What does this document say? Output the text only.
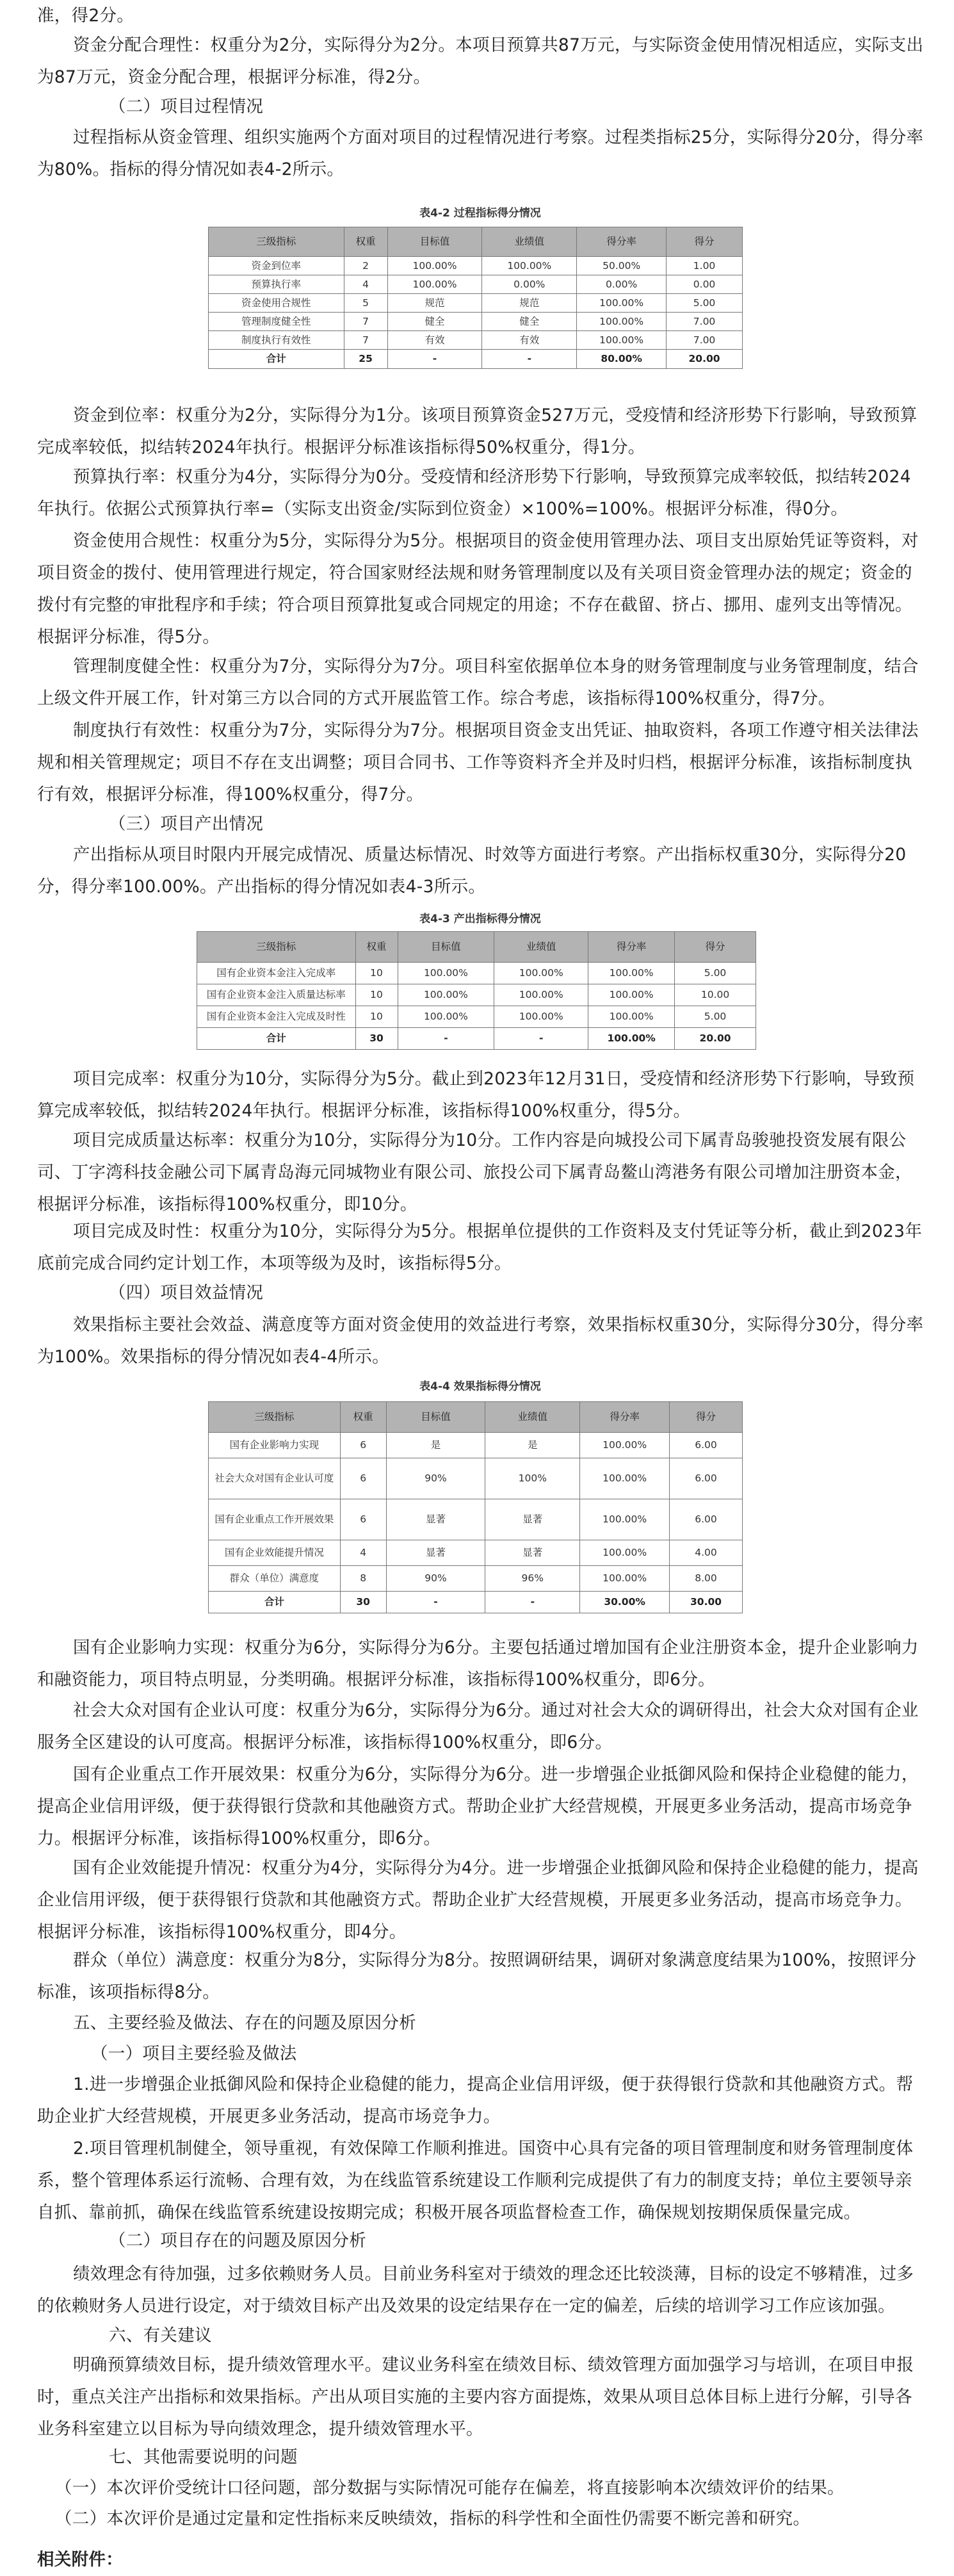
准，得2分。

资金分配合理性：权重分为2分，实际得分为2分。本项目预算共87万元，与实际资金使用情况相适应，实际支出为87万元，资金分配合理，根据评分标准，得2分。

（二）项目过程情况

过程指标从资金管理、组织实施两个方面对项目的过程情况进行考察。过程类指标25分，实际得分20分，得分率为80%。指标的得分情况如表4-2所示。

表4-2 过程指标得分情况

三级指标	权重	目标值	业绩值	得分率	得分
资金到位率	2	100.00%	100.00%	50.00%	1.00
预算执行率	4	100.00%	0.00%	0.00%	0.00
资金使用合规性	5	规范	规范	100.00%	5.00
管理制度健全性	7	健全	健全	100.00%	7.00
制度执行有效性	7	有效	有效	100.00%	7.00
合计	25	-	-	80.00%	20.00

资金到位率：权重分为2分，实际得分为1分。该项目预算资金527万元，受疫情和经济形势下行影响，导致预算完成率较低，拟结转2024年执行。根据评分标准该指标得50%权重分，得1分。

预算执行率：权重分为4分，实际得分为0分。受疫情和经济形势下行影响，导致预算完成率较低，拟结转2024年执行。依据公式预算执行率=（实际支出资金/实际到位资金）×100%=100%。根据评分标准，得0分。

资金使用合规性：权重分为5分，实际得分为5分。根据项目的资金使用管理办法、项目支出原始凭证等资料，对项目资金的拨付、使用管理进行规定，符合国家财经法规和财务管理制度以及有关项目资金管理办法的规定；资金的拨付有完整的审批程序和手续；符合项目预算批复或合同规定的用途；不存在截留、挤占、挪用、虚列支出等情况。根据评分标准，得5分。

管理制度健全性：权重分为7分，实际得分为7分。项目科室依据单位本身的财务管理制度与业务管理制度，结合上级文件开展工作，针对第三方以合同的方式开展监管工作。综合考虑，该指标得100%权重分，得7分。

制度执行有效性：权重分为7分，实际得分为7分。根据项目资金支出凭证、抽取资料，各项工作遵守相关法律法规和相关管理规定；项目不存在支出调整；项目合同书、工作等资料齐全并及时归档，根据评分标准，该指标制度执行有效，根据评分标准，得100%权重分，得7分。

（三）项目产出情况

产出指标从项目时限内开展完成情况、质量达标情况、时效等方面进行考察。产出指标权重30分，实际得分20分，得分率100.00%。产出指标的得分情况如表4-3所示。

表4-3 产出指标得分情况

三级指标	权重	目标值	业绩值	得分率	得分
国有企业资本金注入完成率	10	100.00%	100.00%	100.00%	5.00
国有企业资本金注入质量达标率	10	100.00%	100.00%	100.00%	10.00
国有企业资本金注入完成及时性	10	100.00%	100.00%	100.00%	5.00
合计	30	-	-	100.00%	20.00

项目完成率：权重分为10分，实际得分为5分。截止到2023年12月31日，受疫情和经济形势下行影响，导致预算完成率较低，拟结转2024年执行。根据评分标准，该指标得100%权重分，得5分。

项目完成质量达标率：权重分为10分，实际得分为10分。工作内容是向城投公司下属青岛骏驰投资发展有限公司、丁字湾科技金融公司下属青岛海元同城物业有限公司、旅投公司下属青岛鳌山湾港务有限公司增加注册资本金，根据评分标准，该指标得100%权重分，即10分。

项目完成及时性：权重分为10分，实际得分为5分。根据单位提供的工作资料及支付凭证等分析，截止到2023年底前完成合同约定计划工作，本项等级为及时，该指标得5分。

（四）项目效益情况

效果指标主要社会效益、满意度等方面对资金使用的效益进行考察，效果指标权重30分，实际得分30分，得分率为100%。效果指标的得分情况如表4-4所示。

表4-4 效果指标得分情况

三级指标	权重	目标值	业绩值	得分率	得分
国有企业影响力实现	6	是	是	100.00%	6.00
社会大众对国有企业认可度	6	90%	100%	100.00%	6.00
国有企业重点工作开展效果	6	显著	显著	100.00%	6.00
国有企业效能提升情况	4	显著	显著	100.00%	4.00
群众（单位）满意度	8	90%	96%	100.00%	8.00
合计	30	-	-	30.00%	30.00

国有企业影响力实现：权重分为6分，实际得分为6分。主要包括通过增加国有企业注册资本金，提升企业影响力和融资能力，项目特点明显，分类明确。根据评分标准，该指标得100%权重分，即6分。

社会大众对国有企业认可度：权重分为6分，实际得分为6分。通过对社会大众的调研得出，社会大众对国有企业服务全区建设的认可度高。根据评分标准，该指标得100%权重分，即6分。

国有企业重点工作开展效果：权重分为6分，实际得分为6分。进一步增强企业抵御风险和保持企业稳健的能力，提高企业信用评级，便于获得银行贷款和其他融资方式。帮助企业扩大经营规模，开展更多业务活动，提高市场竞争力。根据评分标准，该指标得100%权重分，即6分。

国有企业效能提升情况：权重分为4分，实际得分为4分。进一步增强企业抵御风险和保持企业稳健的能力，提高企业信用评级，便于获得银行贷款和其他融资方式。帮助企业扩大经营规模，开展更多业务活动，提高市场竞争力。根据评分标准，该指标得100%权重分，即4分。

群众（单位）满意度：权重分为8分，实际得分为8分。按照调研结果，调研对象满意度结果为100%，按照评分标准，该项指标得8分。

五、主要经验及做法、存在的问题及原因分析

（一）项目主要经验及做法

1.进一步增强企业抵御风险和保持企业稳健的能力，提高企业信用评级，便于获得银行贷款和其他融资方式。帮助企业扩大经营规模，开展更多业务活动，提高市场竞争力。

2.项目管理机制健全，领导重视，有效保障工作顺利推进。国资中心具有完备的项目管理制度和财务管理制度体系，整个管理体系运行流畅、合理有效，为在线监管系统建设工作顺利完成提供了有力的制度支持；单位主要领导亲自抓、靠前抓，确保在线监管系统建设按期完成；积极开展各项监督检查工作，确保规划按期保质保量完成。

（二）项目存在的问题及原因分析

绩效理念有待加强，过多依赖财务人员。目前业务科室对于绩效的理念还比较淡薄，目标的设定不够精准，过多的依赖财务人员进行设定，对于绩效目标产出及效果的设定结果存在一定的偏差，后续的培训学习工作应该加强。

六、有关建议

明确预算绩效目标，提升绩效管理水平。建议业务科室在绩效目标、绩效管理方面加强学习与培训，在项目申报时，重点关注产出指标和效果指标。产出从项目实施的主要内容方面提炼，效果从项目总体目标上进行分解，引导各业务科室建立以目标为导向绩效理念，提升绩效管理水平。

七、其他需要说明的问题

（一）本次评价受统计口径问题，部分数据与实际情况可能存在偏差，将直接影响本次绩效评价的结果。

（二）本次评价是通过定量和定性指标来反映绩效，指标的科学性和全面性仍需要不断完善和研究。

相关附件：
